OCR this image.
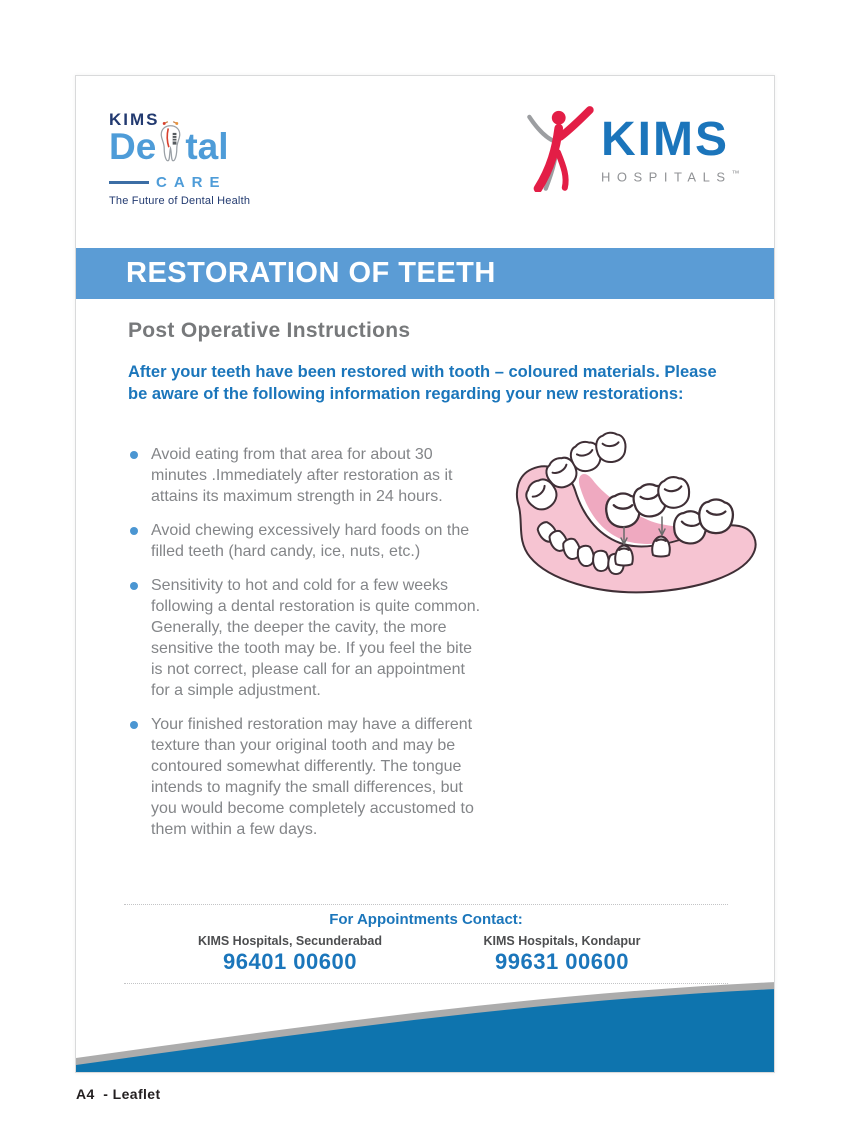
KIMS
De tal
CARE
The Future of Dental Health
KIMS
HOSPITALS™
RESTORATION OF TEETH
Post Operative Instructions
After your teeth have been restored with tooth – coloured materials. Please be aware of the following information regarding your new restorations:
Avoid eating from that area for about 30 minutes .Immediately after restoration as it attains its maximum strength in 24 hours.
Avoid chewing excessively hard foods on the filled teeth (hard candy, ice, nuts, etc.)
Sensitivity to hot and cold for a few weeks following a dental restoration is quite common. Generally, the deeper the cavity, the more sensitive the tooth may be. If you feel the bite is not correct, please call for an appointment for a simple adjustment.
Your finished restoration may have a different texture than your original tooth and may be contoured somewhat differently. The tongue intends to magnify the small differences, but you would become completely accustomed to them within a few days.
For Appointments Contact:
KIMS Hospitals, Secunderabad
96401 00600
KIMS Hospitals, Kondapur
99631 00600
A4  - Leaflet
